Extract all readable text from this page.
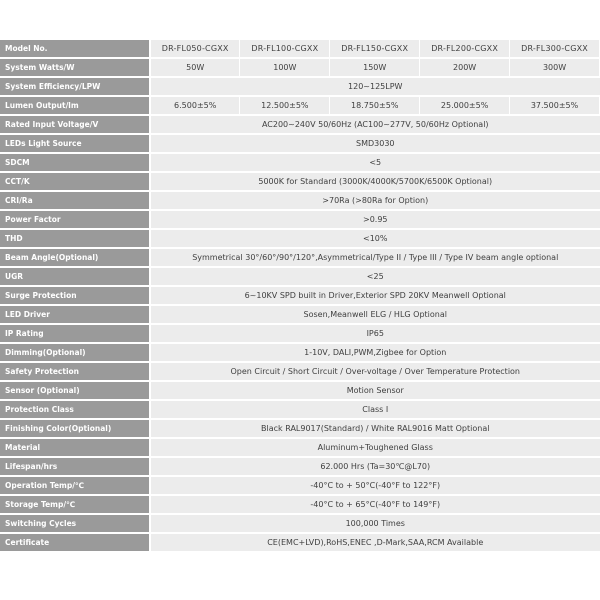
Model No.	DR-FL050-CGXX	DR-FL100-CGXX	DR-FL150-CGXX	DR-FL200-CGXX	DR-FL300-CGXX
System Watts/W	50W	100W	150W	200W	300W
System Efficiency/LPW	120~125LPW				
Lumen Output/lm	6.500±5%	12.500±5%	18.750±5%	25.000±5%	37.500±5%
Rated Input Voltage/V	AC200~240V 50/60Hz (AC100~277V, 50/60Hz Optional)				
LEDs Light Source	SMD3030				
SDCM	<5				
CCT/K	5000K for Standard (3000K/4000K/5700K/6500K Optional)				
CRI/Ra	>70Ra (>80Ra for Option)				
Power Factor	>0.95				
THD	<10%				
Beam Angle(Optional)	Symmetrical 30°/60°/90°/120°,Asymmetrical/Type II / Type III / Type IV beam angle optional				
UGR	<25				
Surge Protection	6~10KV SPD built in Driver,Exterior SPD 20KV Meanwell Optional				
LED Driver	Sosen,Meanwell ELG / HLG Optional				
IP Rating	IP65				
Dimming(Optional)	1-10V, DALI,PWM,Zigbee for Option				
Safety Protection	Open Circuit / Short Circuit / Over-voltage / Over Temperature Protection				
Sensor (Optional)	Motion Sensor				
Protection Class	Class Ⅰ				
Finishing Color(Optional)	Black RAL9017(Standard) / White RAL9016 Matt Optional				
Material	Aluminum+Toughened Glass				
Lifespan/hrs	62.000 Hrs (Ta=30℃@L70)				
Operation Temp/℃	-40°C to + 50°C(-40°F to 122°F)				
Storage Temp/℃	-40°C to + 65°C(-40°F to 149°F)				
Switching Cycles	100,000 Times				
Certificate	CE(EMC+LVD),RoHS,ENEC ,D-Mark,SAA,RCM Available				
